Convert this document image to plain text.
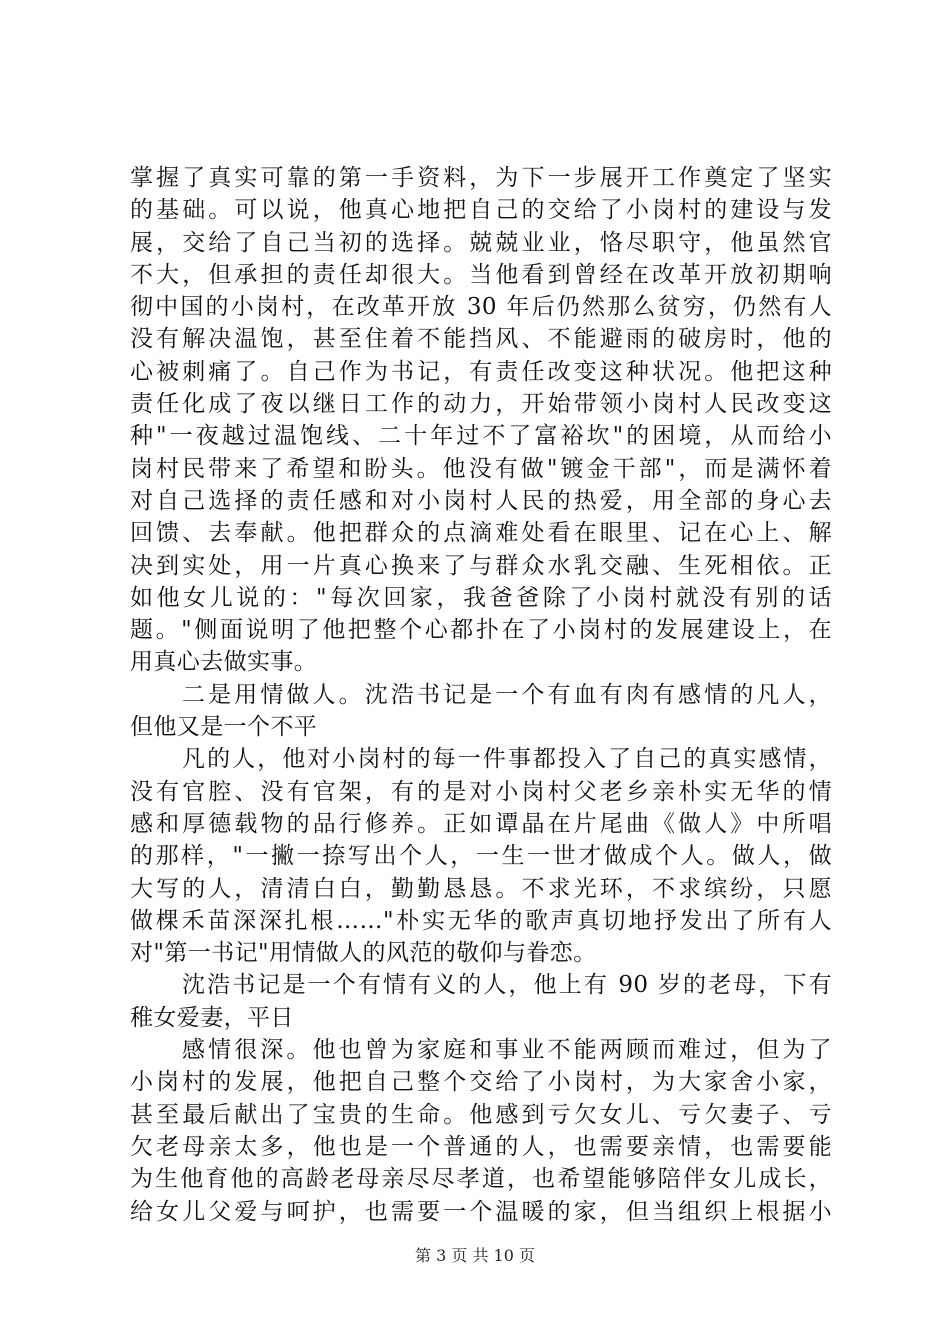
掌握了真实可靠的第一手资料，为下一步展开工作奠定了坚实
的基础。可以说，他真心地把自己的交给了小岗村的建设与发
展，交给了自己当初的选择。兢兢业业，恪尽职守，他虽然官
不大，但承担的责任却很大。当他看到曾经在改革开放初期响
彻中国的小岗村，在改革开放 30 年后仍然那么贫穷，仍然有人
没有解决温饱，甚至住着不能挡风、不能避雨的破房时，他的
心被刺痛了。自己作为书记，有责任改变这种状况。他把这种
责任化成了夜以继日工作的动力，开始带领小岗村人民改变这
种"一夜越过温饱线、二十年过不了富裕坎"的困境，从而给小
岗村民带来了希望和盼头。他没有做"镀金干部"，而是满怀着
对自己选择的责任感和对小岗村人民的热爱，用全部的身心去
回馈、去奉献。他把群众的点滴难处看在眼里、记在心上、解
决到实处，用一片真心换来了与群众水乳交融、生死相依。正
如他女儿说的："每次回家，我爸爸除了小岗村就没有别的话
题。"侧面说明了他把整个心都扑在了小岗村的发展建设上，在
用真心去做实事。
二是用情做人。沈浩书记是一个有血有肉有感情的凡人，
但他又是一个不平
凡的人，他对小岗村的每一件事都投入了自己的真实感情，
没有官腔、没有官架，有的是对小岗村父老乡亲朴实无华的情
感和厚德载物的品行修养。正如谭晶在片尾曲《做人》中所唱
的那样，"一撇一捺写出个人，一生一世才做成个人。做人，做
大写的人，清清白白，勤勤恳恳。不求光环，不求缤纷，只愿
做棵禾苗深深扎根……"朴实无华的歌声真切地抒发出了所有人
对"第一书记"用情做人的风范的敬仰与眷恋。
沈浩书记是一个有情有义的人，他上有 90 岁的老母，下有
稚女爱妻，平日
感情很深。他也曾为家庭和事业不能两顾而难过，但为了
小岗村的发展，他把自己整个交给了小岗村，为大家舍小家，
甚至最后献出了宝贵的生命。他感到亏欠女儿、亏欠妻子、亏
欠老母亲太多，他也是一个普通的人，也需要亲情，也需要能
为生他育他的高龄老母亲尽尽孝道，也希望能够陪伴女儿成长，
给女儿父爱与呵护，也需要一个温暖的家，但当组织上根据小
第 3 页 共 10 页
